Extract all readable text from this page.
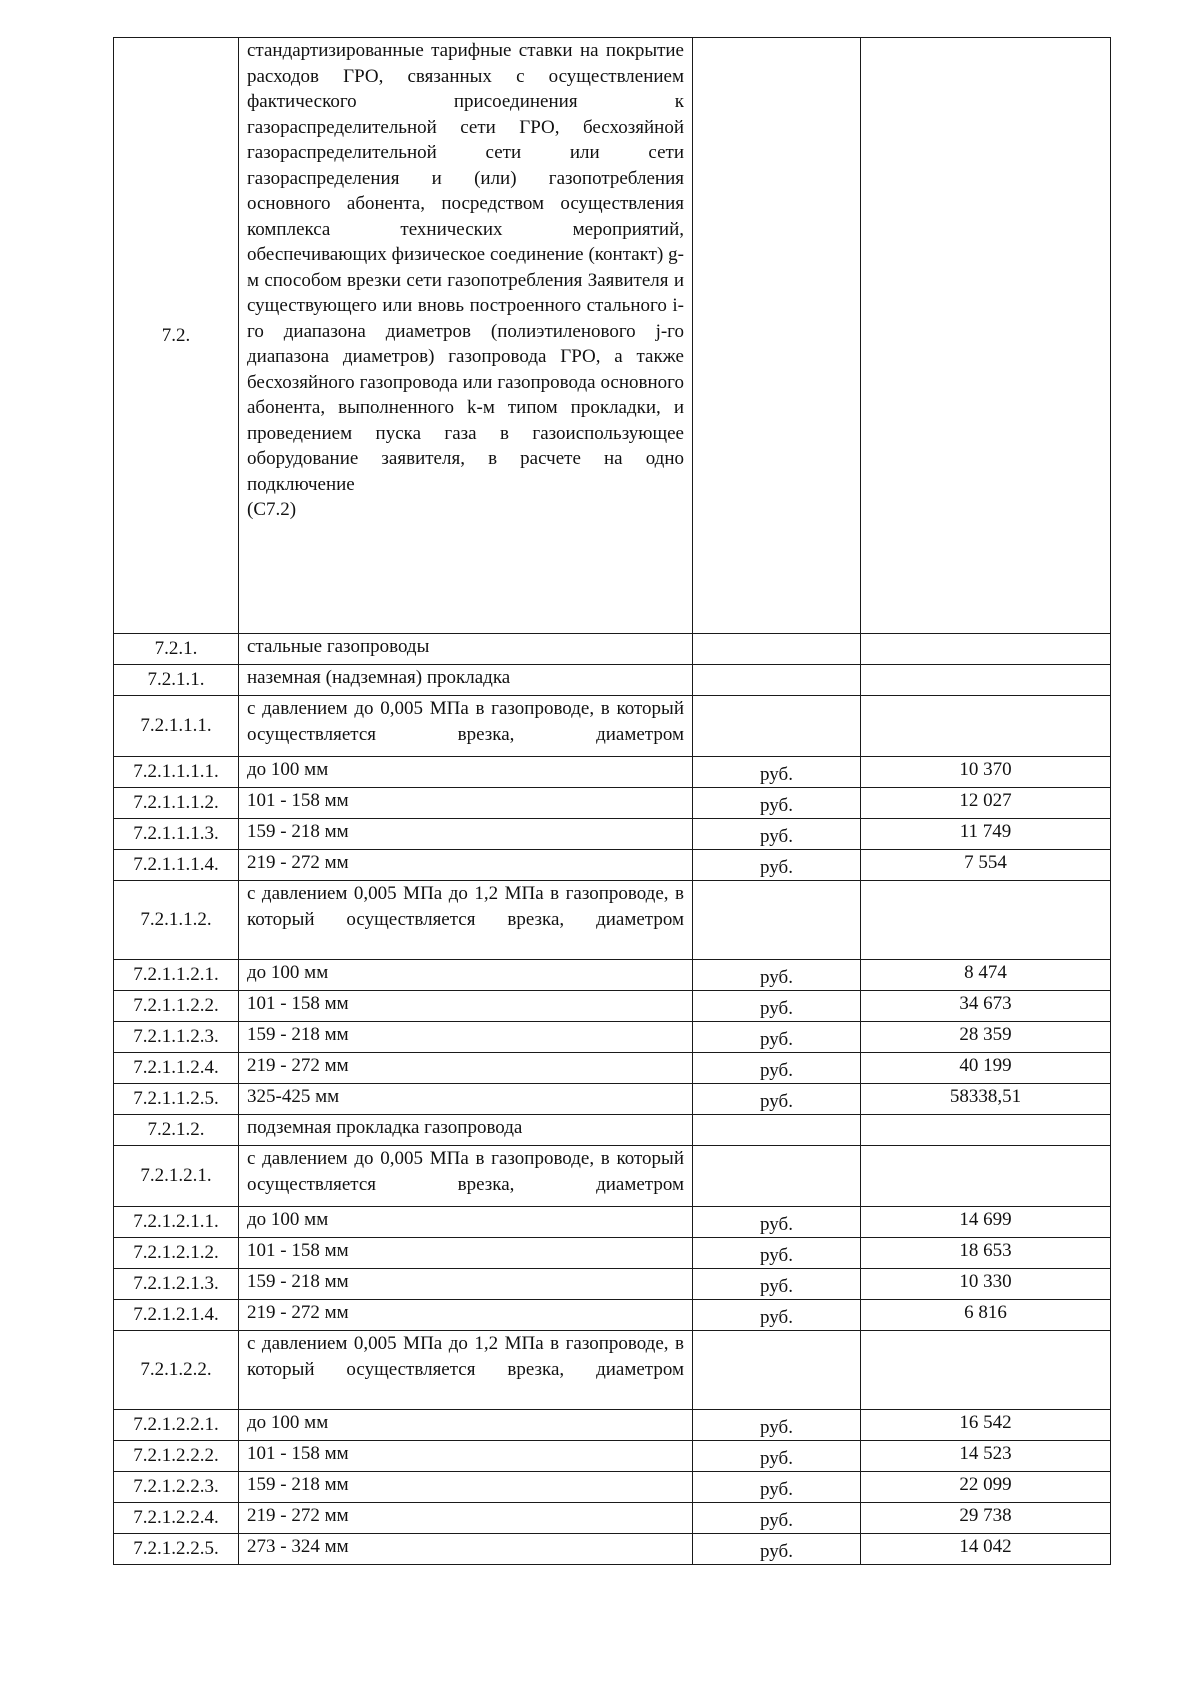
7.2.	стандартизированные тарифные ставки на покрытие расходов ГРО, связанных с осуществлением фактического присоединения к газораспределительной сети ГРО, бесхозяйной газораспределительной сети или сети газораспределения и (или) газопотребления основного абонента, посредством осуществления комплекса технических мероприятий, обеспечивающих физическое соединение (контакт) g-м способом врезки сети газопотребления Заявителя и существующего или вновь построенного стального i-го диапазона диаметров (полиэтиленового j-го диапазона диаметров) газопровода ГРО, а также бесхозяйного газопровода или газопровода основного абонента, выполненного k-м типом прокладки, и проведением пуска газа в газоиспользующее оборудование заявителя, в расчете на одно подключение
(С7.2)		

7.2.1.	стальные газопроводы		
7.2.1.1.	наземная (надземная) прокладка		
7.2.1.1.1.	с давлением до 0,005 МПа в газопроводе, в который осуществляется врезка, диаметром		
7.2.1.1.1.1.	до 100 мм	руб.	10 370
7.2.1.1.1.2.	101 - 158 мм	руб.	12 027
7.2.1.1.1.3.	159 - 218 мм	руб.	11 749
7.2.1.1.1.4.	219 - 272 мм	руб.	7 554
7.2.1.1.2.	с давлением 0,005 МПа до 1,2 МПа в газопроводе, в который осуществляется врезка, диаметром		
7.2.1.1.2.1.	до 100 мм	руб.	8 474
7.2.1.1.2.2.	101 - 158 мм	руб.	34 673
7.2.1.1.2.3.	159 - 218 мм	руб.	28 359
7.2.1.1.2.4.	219 - 272 мм	руб.	40 199
7.2.1.1.2.5.	325-425 мм	руб.	58338,51
7.2.1.2.	подземная прокладка газопровода		
7.2.1.2.1.	с давлением до 0,005 МПа в газопроводе, в который осуществляется врезка, диаметром		
7.2.1.2.1.1.	до 100 мм	руб.	14 699
7.2.1.2.1.2.	101 - 158 мм	руб.	18 653
7.2.1.2.1.3.	159 - 218 мм	руб.	10 330
7.2.1.2.1.4.	219 - 272 мм	руб.	6 816
7.2.1.2.2.	с давлением 0,005 МПа до 1,2 МПа в газопроводе, в который осуществляется врезка, диаметром		
7.2.1.2.2.1.	до 100 мм	руб.	16 542
7.2.1.2.2.2.	101 - 158 мм	руб.	14 523
7.2.1.2.2.3.	159 - 218 мм	руб.	22 099
7.2.1.2.2.4.	219 - 272 мм	руб.	29 738
7.2.1.2.2.5.	273 - 324 мм	руб.	14 042
